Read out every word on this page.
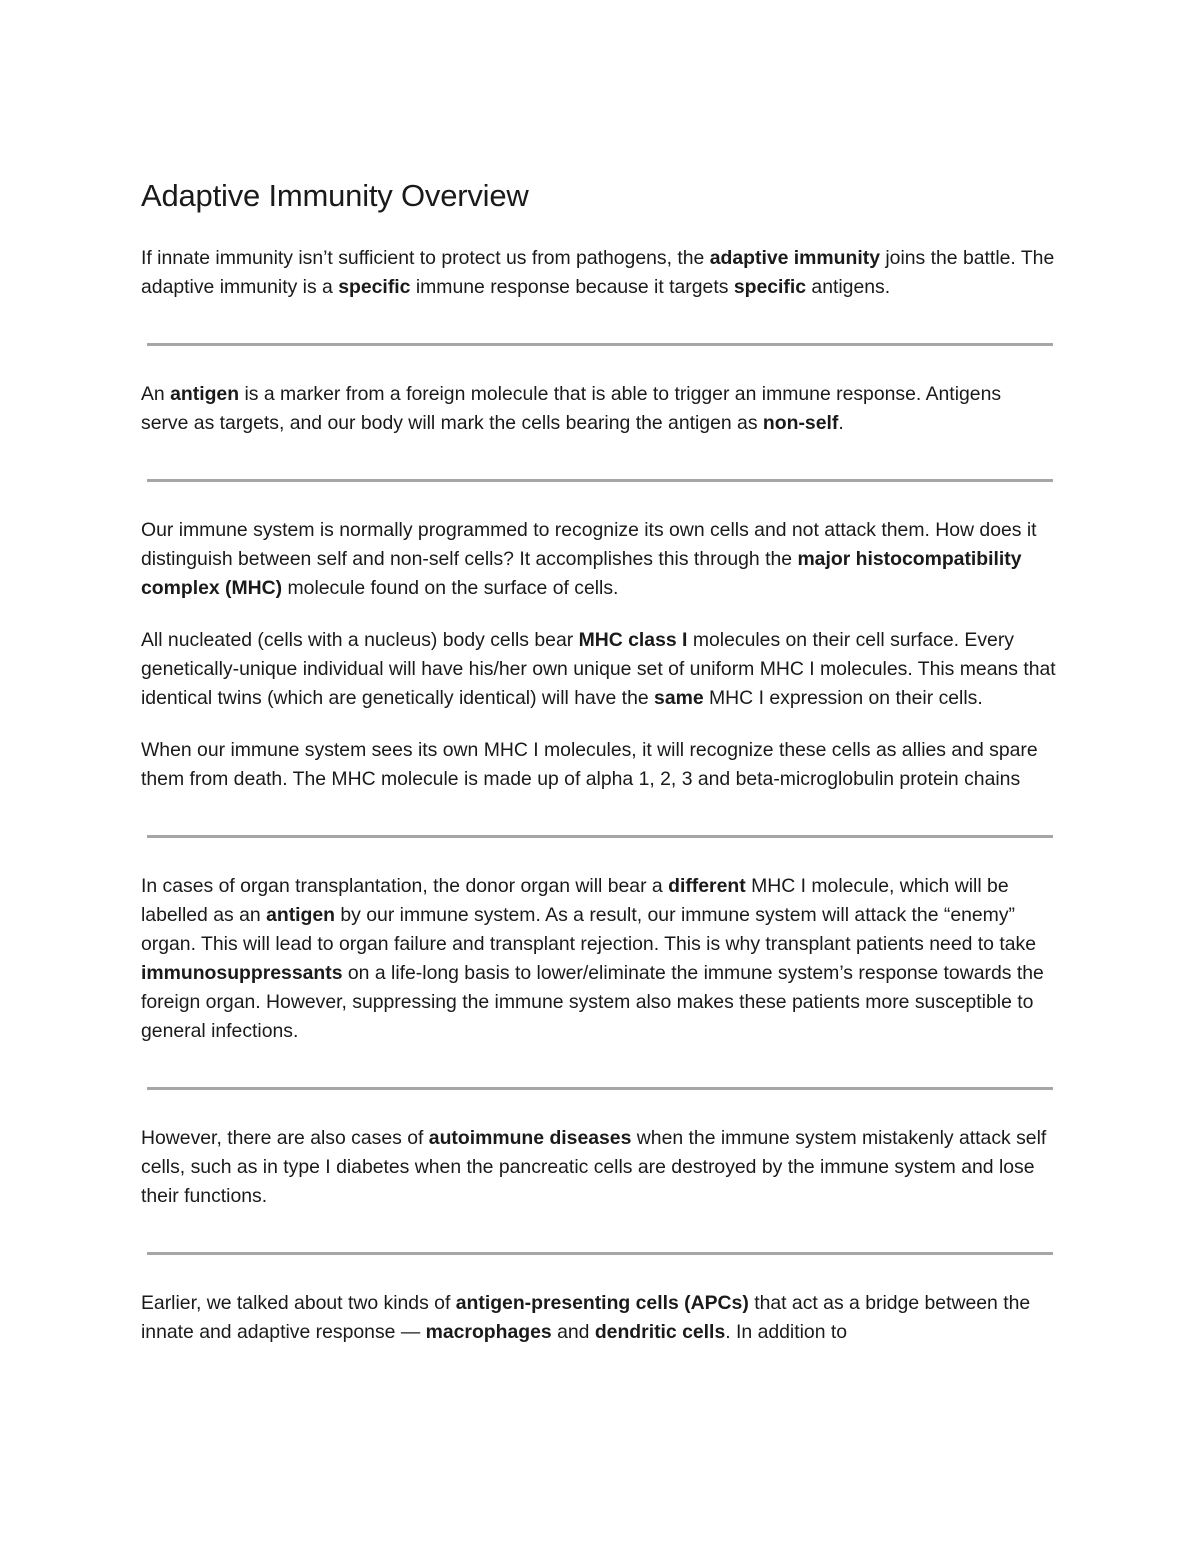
Adaptive Immunity Overview

If innate immunity isn’t sufficient to protect us from pathogens, the adaptive immunity joins the battle. The adaptive immunity is a specific immune response because it targets specific antigens.

An antigen is a marker from a foreign molecule that is able to trigger an immune response. Antigens serve as targets, and our body will mark the cells bearing the antigen as non-self.

Our immune system is normally programmed to recognize its own cells and not attack them. How does it distinguish between self and non-self cells? It accomplishes this through the major histocompatibility complex (MHC) molecule found on the surface of cells.

All nucleated (cells with a nucleus) body cells bear MHC class I molecules on their cell surface. Every genetically-unique individual will have his/her own unique set of uniform MHC I molecules. This means that identical twins (which are genetically identical) will have the same MHC I expression on their cells.

When our immune system sees its own MHC I molecules, it will recognize these cells as allies and spare them from death. The MHC molecule is made up of alpha 1, 2, 3 and beta-microglobulin protein chains

In cases of organ transplantation, the donor organ will bear a different MHC I molecule, which will be labelled as an antigen by our immune system. As a result, our immune system will attack the “enemy” organ. This will lead to organ failure and transplant rejection. This is why transplant patients need to take immunosuppressants on a life-long basis to lower/eliminate the immune system’s response towards the foreign organ. However, suppressing the immune system also makes these patients more susceptible to general infections.

However, there are also cases of autoimmune diseases when the immune system mistakenly attack self cells, such as in type I diabetes when the pancreatic cells are destroyed by the immune system and lose their functions.

Earlier, we talked about two kinds of antigen-presenting cells (APCs) that act as a bridge between the innate and adaptive response — macrophages and dendritic cells. In addition to
